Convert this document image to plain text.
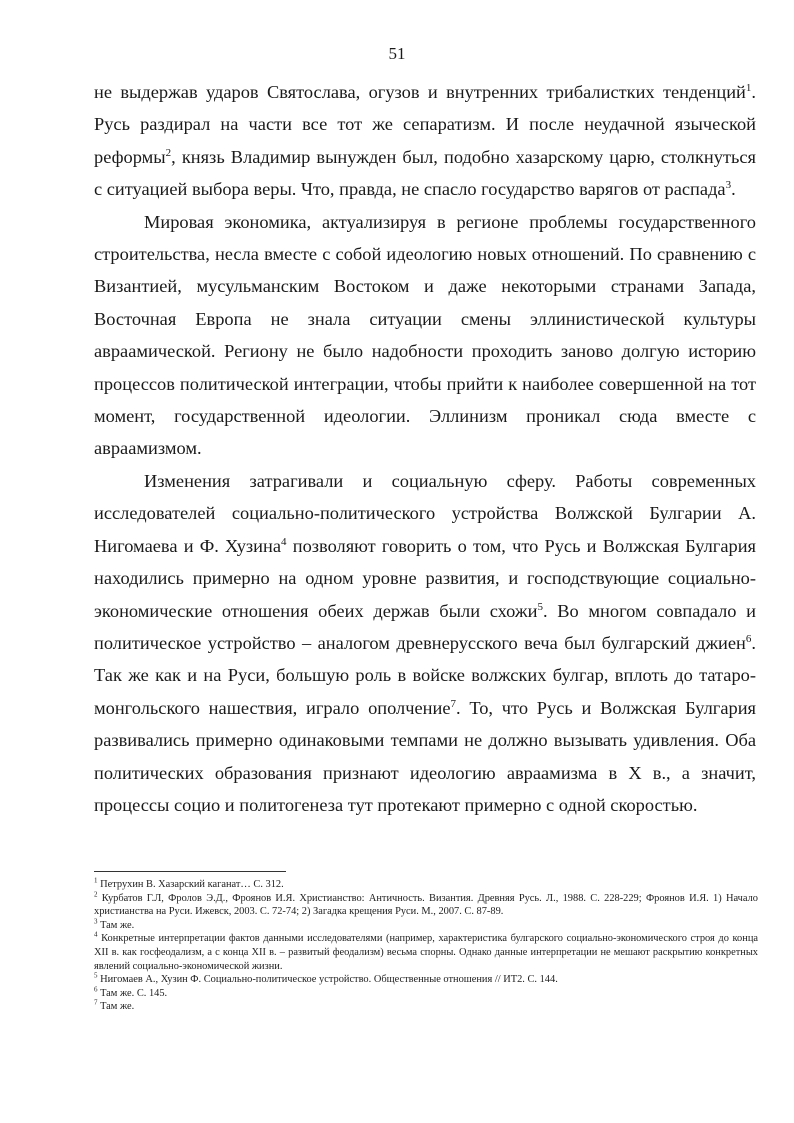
51

не выдержав ударов Святослава, огузов и внутренних трибалистких тенденций$^1$. Русь раздирал на части все тот же сепаратизм. И после неудачной языческой реформы$^2$, князь Владимир вынужден был, подобно хазарскому царю, столкнуться с ситуацией выбора веры. Что, правда, не спасло государство варягов от распада$^3$.

Мировая экономика, актуализируя в регионе проблемы государственного строительства, несла вместе с собой идеологию новых отношений. По сравнению с Византией, мусульманским Востоком и даже некоторыми странами Запада, Восточная Европа не знала ситуации смены эллинистической культуры авраамической. Региону не было надобности проходить заново долгую историю процессов политической интеграции, чтобы прийти к наиболее совершенной на тот момент, государственной идеологии. Эллинизм проникал сюда вместе с авраамизмом.

Изменения затрагивали и социальную сферу. Работы современных исследователей социально-политического устройства Волжской Булгарии А. Нигомаева и Ф. Хузина$^4$ позволяют говорить о том, что Русь и Волжская Булгария находились примерно на одном уровне развития, и господствующие социально-экономические отношения обеих держав были схожи$^5$. Во многом совпадало и политическое устройство – аналогом древнерусского веча был булгарский джиен$^6$. Так же как и на Руси, большую роль в войске волжских булгар, вплоть до татаро-монгольского нашествия, играло ополчение$^7$. То, что Русь и Волжская Булгария развивались примерно одинаковыми темпами не должно вызывать удивления. Оба политических образования признают идеологию авраамизма в X в., а значит, процессы социо и политогенеза тут протекают примерно с одной скоростью.

$^1$ Петрухин В. Хазарский каганат… С. 312.

$^2$ Курбатов Г.Л, Фролов Э.Д., Фроянов И.Я. Христианство: Античность. Византия. Древняя Русь. Л., 1988. С. 228-229; Фроянов И.Я. 1) Начало христианства на Руси. Ижевск, 2003. С. 72-74; 2) Загадка крещения Руси. М., 2007. С. 87-89.

$^3$ Там же.

$^4$ Конкретные интерпретации фактов данными исследователями (например, характеристика булгарского социально-экономического строя до конца XII в. как госфеодализм, а с конца XII в. – развитый феодализм) весьма спорны. Однако данные интерпретации не мешают раскрытию конкретных явлений социально-экономической жизни.

$^5$ Нигомаев А., Хузин Ф. Социально-политическое устройство. Общественные отношения // ИТ2. С. 144.

$^6$ Там же. С. 145.

$^7$ Там же.
